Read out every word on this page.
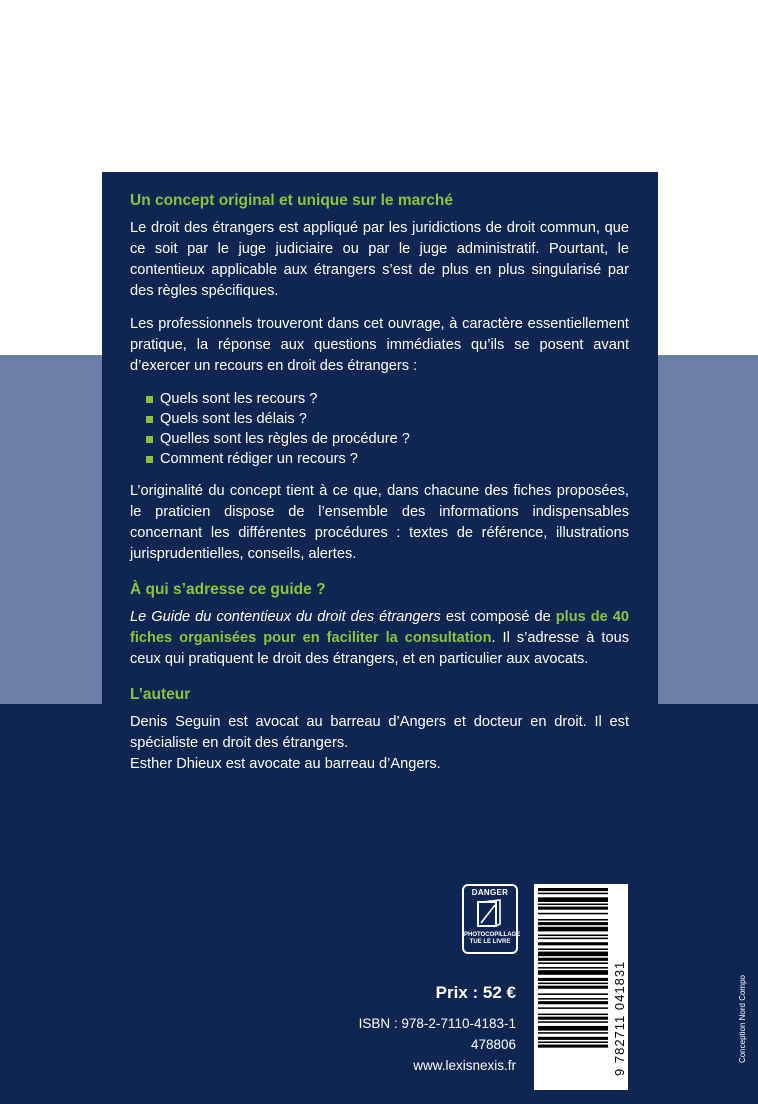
Un concept original et unique sur le marché

Le droit des étrangers est appliqué par les juridictions de droit commun, que ce soit par le juge judiciaire ou par le juge administratif. Pourtant, le contentieux applicable aux étrangers s’est de plus en plus singularisé par des règles spécifiques.

Les professionnels trouveront dans cet ouvrage, à caractère essentiellement pratique, la réponse aux questions immédiates qu’ils se posent avant d’exercer un recours en droit des étrangers :

Quels sont les recours ?
Quels sont les délais ?
Quelles sont les règles de procédure ?
Comment rédiger un recours ?

L’originalité du concept tient à ce que, dans chacune des fiches proposées, le praticien dispose de l’ensemble des informations indispensables concernant les différentes procédures : textes de référence, illustrations jurisprudentielles, conseils, alertes.

À qui s’adresse ce guide ?

Le Guide du contentieux du droit des étrangers est composé de plus de 40 fiches organisées pour en faciliter la consultation. Il s’adresse à tous ceux qui pratiquent le droit des étrangers, et en particulier aux avocats.

L’auteur

Denis Seguin est avocat au barreau d’Angers et docteur en droit. Il est spécialiste en droit des étrangers.
Esther Dhieux est avocate au barreau d’Angers.

DANGER
PHOTOCOPILLAGE
TUE LE LIVRE
Prix : 52 €
ISBN : 978-2-7110-4183-1
478806
www.lexisnexis.fr	9 782711 041831	Conception Nord Compo
